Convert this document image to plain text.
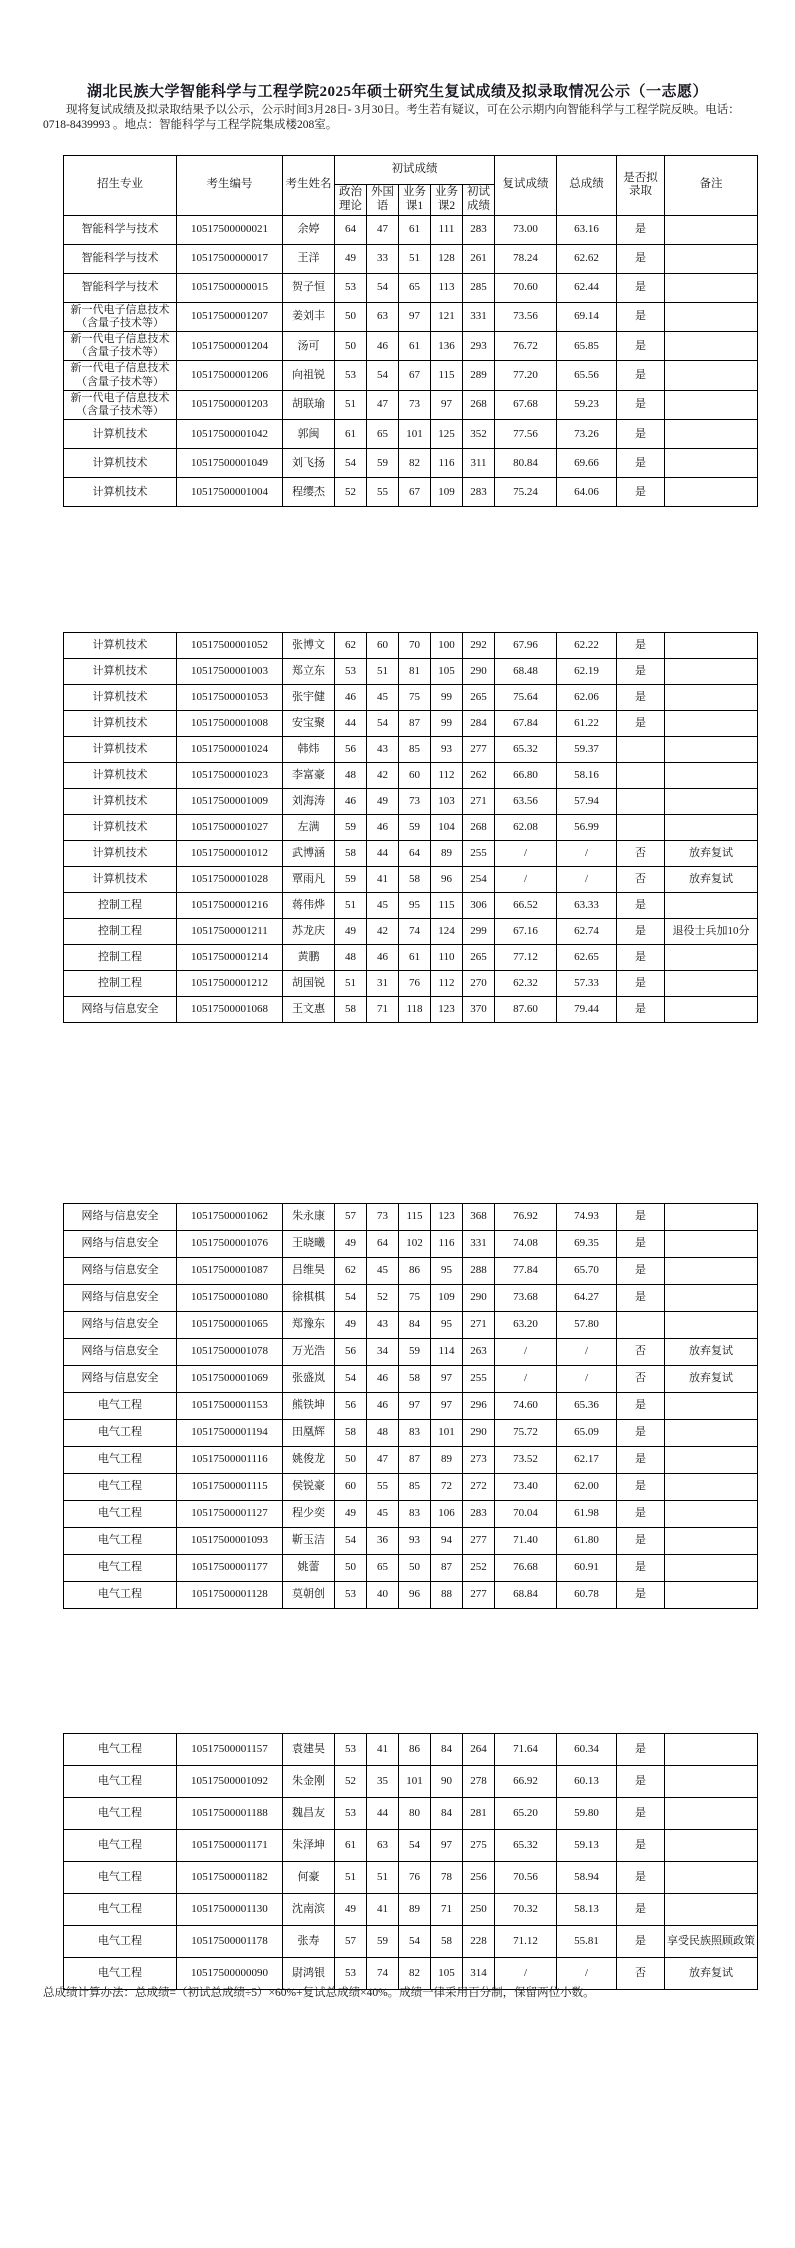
湖北民族大学智能科学与工程学院2025年硕士研究生复试成绩及拟录取情况公示（一志愿）
现将复试成绩及拟录取结果予以公示，公示时间3月28日- 3月30日。考生若有疑议，可在公示期内向智能科学与工程学院反映。电话：
0718-8439993 。地点：智能科学与工程学院集成楼208室。
招生专业	考生编号	考生姓名	初试成绩					复试成绩	总成绩	是否拟录取	备注
			政治理论	外国语	业务课1	业务课2	初试成绩				
智能科学与技术	10517500000021	余婷	64	47	61	111	283	73.00	63.16	是	
智能科学与技术	10517500000017	王洋	49	33	51	128	261	78.24	62.62	是	
智能科学与技术	10517500000015	贺子恒	53	54	65	113	285	70.60	62.44	是	
新一代电子信息技术（含量子技术等）	10517500001207	姜刘丰	50	63	97	121	331	73.56	69.14	是	
新一代电子信息技术（含量子技术等）	10517500001204	汤可	50	46	61	136	293	76.72	65.85	是	
新一代电子信息技术（含量子技术等）	10517500001206	向祖锐	53	54	67	115	289	77.20	65.56	是	
新一代电子信息技术（含量子技术等）	10517500001203	胡联瑜	51	47	73	97	268	67.68	59.23	是	
计算机技术	10517500001042	郭闽	61	65	101	125	352	77.56	73.26	是	
计算机技术	10517500001049	刘飞扬	54	59	82	116	311	80.84	69.66	是	
计算机技术	10517500001004	程缨杰	52	55	67	109	283	75.24	64.06	是	
计算机技术	10517500001052	张博文	62	60	70	100	292	67.96	62.22	是	
计算机技术	10517500001003	郑立东	53	51	81	105	290	68.48	62.19	是	
计算机技术	10517500001053	张宇健	46	45	75	99	265	75.64	62.06	是	
计算机技术	10517500001008	安宝聚	44	54	87	99	284	67.84	61.22	是	
计算机技术	10517500001024	韩炜	56	43	85	93	277	65.32	59.37		
计算机技术	10517500001023	李富豪	48	42	60	112	262	66.80	58.16		
计算机技术	10517500001009	刘海涛	46	49	73	103	271	63.56	57.94		
计算机技术	10517500001027	左满	59	46	59	104	268	62.08	56.99		
计算机技术	10517500001012	武博涵	58	44	64	89	255	/	/	否	放弃复试
计算机技术	10517500001028	覃雨凡	59	41	58	96	254	/	/	否	放弃复试
控制工程	10517500001216	蒋伟烨	51	45	95	115	306	66.52	63.33	是	
控制工程	10517500001211	苏龙庆	49	42	74	124	299	67.16	62.74	是	退役士兵加10分
控制工程	10517500001214	黄鹏	48	46	61	110	265	77.12	62.65	是	
控制工程	10517500001212	胡国锐	51	31	76	112	270	62.32	57.33	是	
网络与信息安全	10517500001068	王文惠	58	71	118	123	370	87.60	79.44	是	
网络与信息安全	10517500001062	朱永康	57	73	115	123	368	76.92	74.93	是	
网络与信息安全	10517500001076	王晓曦	49	64	102	116	331	74.08	69.35	是	
网络与信息安全	10517500001087	吕维昊	62	45	86	95	288	77.84	65.70	是	
网络与信息安全	10517500001080	徐棋棋	54	52	75	109	290	73.68	64.27	是	
网络与信息安全	10517500001065	郑豫东	49	43	84	95	271	63.20	57.80		
网络与信息安全	10517500001078	万光浩	56	34	59	114	263	/	/	否	放弃复试
网络与信息安全	10517500001069	张盛岚	54	46	58	97	255	/	/	否	放弃复试
电气工程	10517500001153	熊铁坤	56	46	97	97	296	74.60	65.36	是	
电气工程	10517500001194	田凰辉	58	48	83	101	290	75.72	65.09	是	
电气工程	10517500001116	姚俊龙	50	47	87	89	273	73.52	62.17	是	
电气工程	10517500001115	侯锐豪	60	55	85	72	272	73.40	62.00	是	
电气工程	10517500001127	程少奕	49	45	83	106	283	70.04	61.98	是	
电气工程	10517500001093	靳玉洁	54	36	93	94	277	71.40	61.80	是	
电气工程	10517500001177	姚蕾	50	65	50	87	252	76.68	60.91	是	
电气工程	10517500001128	莫朝创	53	40	96	88	277	68.84	60.78	是	
电气工程	10517500001157	袁建昊	53	41	86	84	264	71.64	60.34	是	
电气工程	10517500001092	朱金刚	52	35	101	90	278	66.92	60.13	是	
电气工程	10517500001188	魏昌友	53	44	80	84	281	65.20	59.80	是	
电气工程	10517500001171	朱泽坤	61	63	54	97	275	65.32	59.13	是	
电气工程	10517500001182	何豪	51	51	76	78	256	70.56	58.94	是	
电气工程	10517500001130	沈南滨	49	41	89	71	250	70.32	58.13	是	
电气工程	10517500001178	张寿	57	59	54	58	228	71.12	55.81	是	享受民族照顾政策
电气工程	10517500000090	尉鸿银	53	74	82	105	314	/	/	否	放弃复试
总成绩计算办法：总成绩=（初试总成绩÷5）×60%+复试总成绩×40%。成绩一律采用百分制，保留两位小数。
